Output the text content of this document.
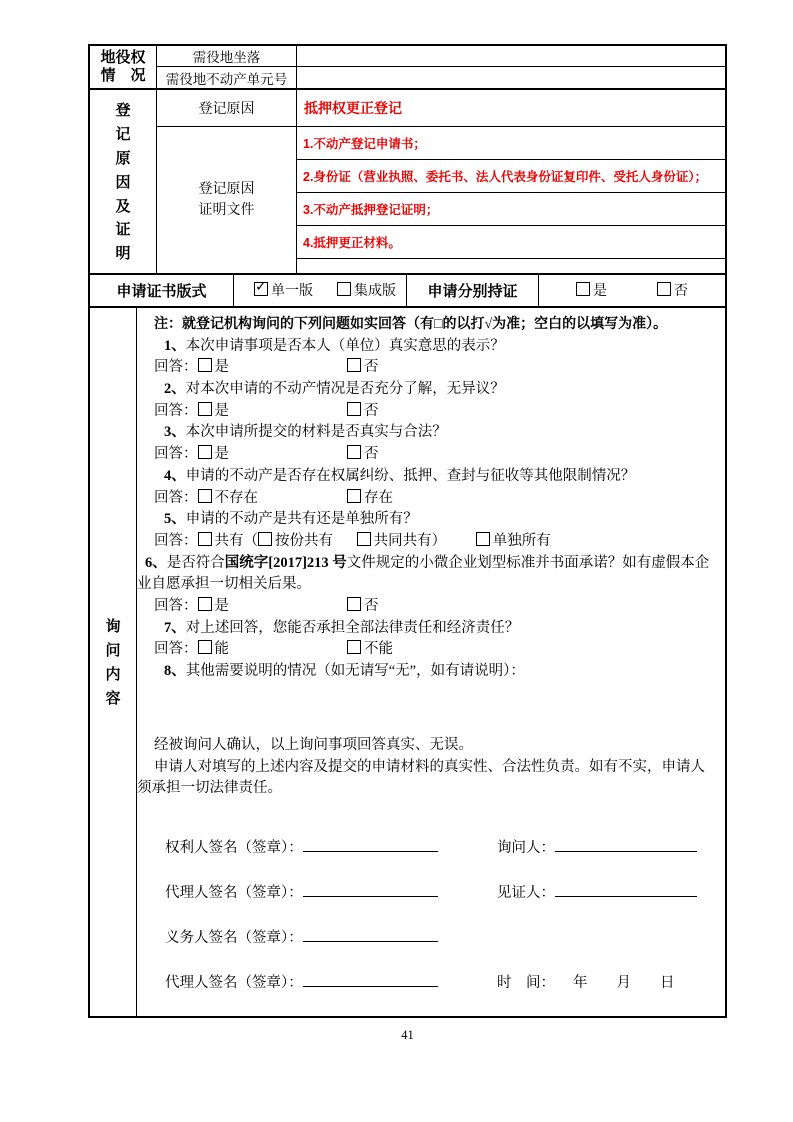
地役权
情　况
需役地坐落
需役地不动产单元号
登
记
原
因
及
证
明
登记原因	抵押权更正登记
登记原因
证明文件
1.不动产登记申请书；
2.身份证（营业执照、委托书、法人代表身份证复印件、受托人身份证）；
3.不动产抵押登记证明；
4.抵押更正材料。
申请证书版式 ✓	单一版	集成版	申请分别持证	是	否
询
问
内
容
注：就登记机构询问的下列问题如实回答（有□的以打√为准；空白的以填写为准）。
1、本次申请事项是否本人（单位）真实意思的表示？
回答： 是	否
2、对本次申请的不动产情况是否充分了解，无异议？
回答： 是	否
3、本次申请所提交的材料是否真实与合法？
回答： 是	否
4、申请的不动产是否存在权属纠纷、抵押、查封与征收等其他限制情况？
回答： 不存在	存在
5、申请的不动产是共有还是单独所有？
回答： 共有（ 按份共有	共同共有）	单独所有
6、是否符合国统字[2017]213 号文件规定的小微企业划型标准并书面承诺？如有虚假本企业自愿承担一切相关后果。
回答： 是	否
7、对上述回答，您能否承担全部法律责任和经济责任？
回答： 能	不能
8、其他需要说明的情况（如无请写“无”，如有请说明）：
经被询问人确认，以上询问事项回答真实、无误。
申请人对填写的上述内容及提交的申请材料的真实性、合法性负责。如有不实，申请人须承担一切法律责任。
权利人签名（签章）：	询问人：
代理人签名（签章）：	见证人：
义务人签名（签章）：
代理人签名（签章）：	时　间： 年　　月　　日
41
